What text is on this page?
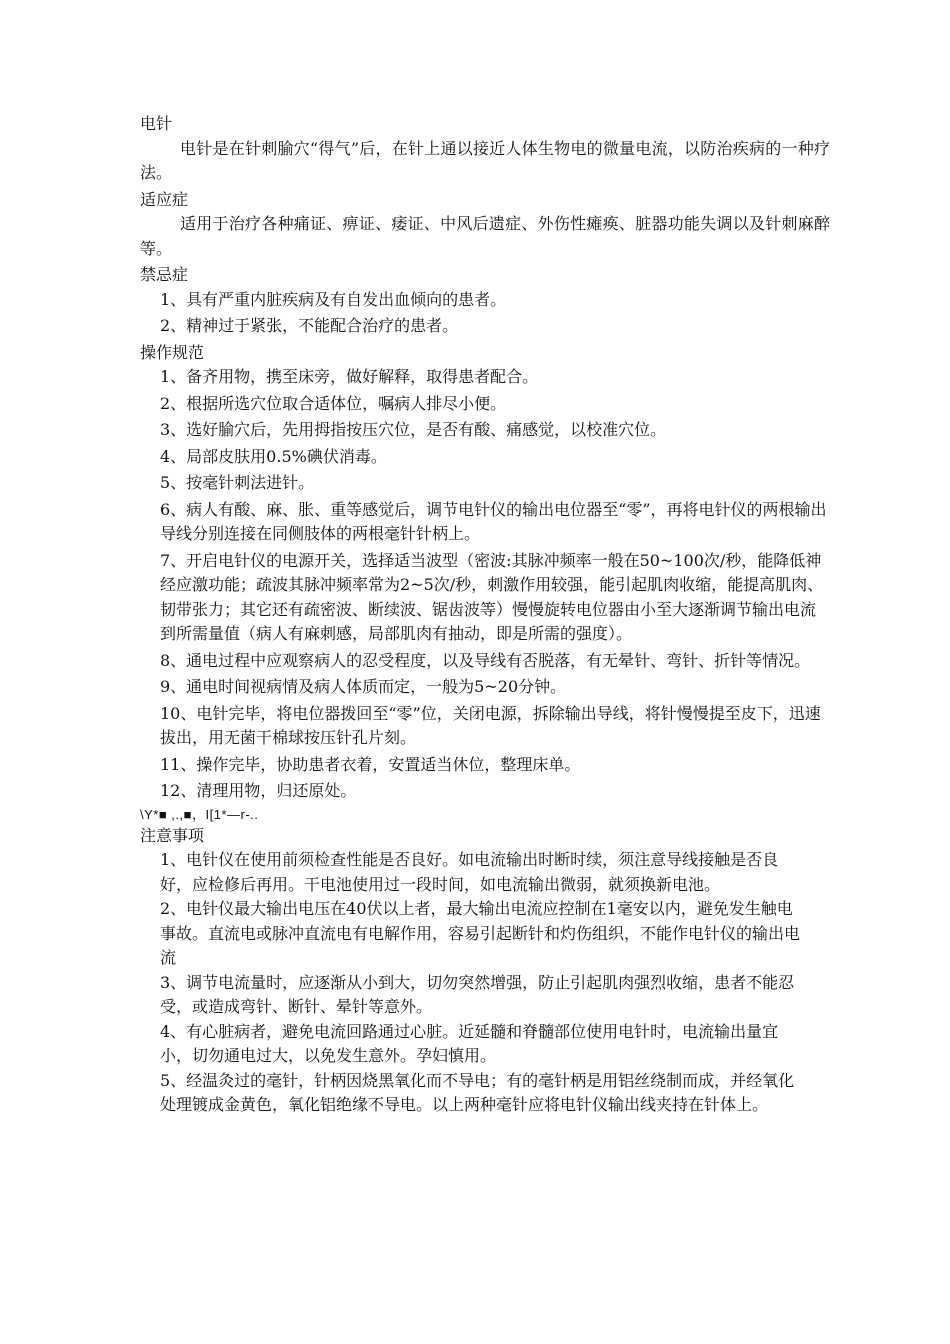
电针

电针是在针刺腧穴“得气”后，在针上通以接近人体生物电的微量电流，以防治疾病的一种疗法。

适应症

适用于治疗各种痛证、痹证、痿证、中风后遗症、外伤性瘫痪、脏器功能失调以及针刺麻醉等。

禁忌症
1、具有严重内脏疾病及有自发出血倾向的患者。
2、精神过于紧张，不能配合治疗的患者。
操作规范
1、备齐用物，携至床旁，做好解释，取得患者配合。
2、根据所选穴位取合适体位，嘱病人排尽小便。
3、选好腧穴后，先用拇指按压穴位，是否有酸、痛感觉，以校准穴位。
4、局部皮肤用0.5%碘伏消毒。
5、按毫针刺法进针。
6、病人有酸、麻、胀、重等感觉后，调节电针仪的输出电位器至“零”，再将电针仪的两根输出导线分别连接在同侧肢体的两根毫针针柄上。
7、开启电针仪的电源开关，选择适当波型（密波:其脉冲频率一般在50~100次/秒，能降低神经应激功能；疏波其脉冲频率常为2~5次/秒，刺激作用较强，能引起肌肉收缩，能提高肌肉、韧带张力；其它还有疏密波、断续波、锯齿波等）慢慢旋转电位器由小至大逐渐调节输出电流到所需量值（病人有麻刺感，局部肌肉有抽动，即是所需的强度）。
8、通电过程中应观察病人的忍受程度，以及导线有否脱落，有无晕针、弯针、折针等情况。
9、通电时间视病情及病人体质而定，一般为5~20分钟。
10、电针完毕，将电位器拨回至“零”位，关闭电源，拆除输出导线，将针慢慢提至皮下，迅速拔出，用无菌干棉球按压针孔片刻。
11、操作完毕，协助患者衣着，安置适当休位，整理床单。
12、清理用物，归还原处。

\Y*■ ,.,■，I[1*—r-..

注意事项
1、电针仪在使用前须检查性能是否良好。如电流输出时断时续，须注意导线接触是否良好，应检修后再用。干电池使用过一段时间，如电流输出微弱，就须换新电池。
2、电针仪最大输出电压在40伏以上者，最大输出电流应控制在1毫安以内，避免发生触电事故。直流电或脉冲直流电有电解作用，容易引起断针和灼伤组织，不能作电针仪的输出电流
3、调节电流量时，应逐渐从小到大，切勿突然增强，防止引起肌肉强烈收缩，患者不能忍受，或造成弯针、断针、晕针等意外。
4、有心脏病者，避免电流回路通过心脏。近延髓和脊髓部位使用电针时，电流输出量宜小，切勿通电过大，以免发生意外。孕妇慎用。
5、经温灸过的毫针，针柄因烧黑氧化而不导电；有的毫针柄是用铝丝绕制而成，并经氧化处理镀成金黄色，氧化铝绝缘不导电。以上两种毫针应将电针仪输出线夹持在针体上。
